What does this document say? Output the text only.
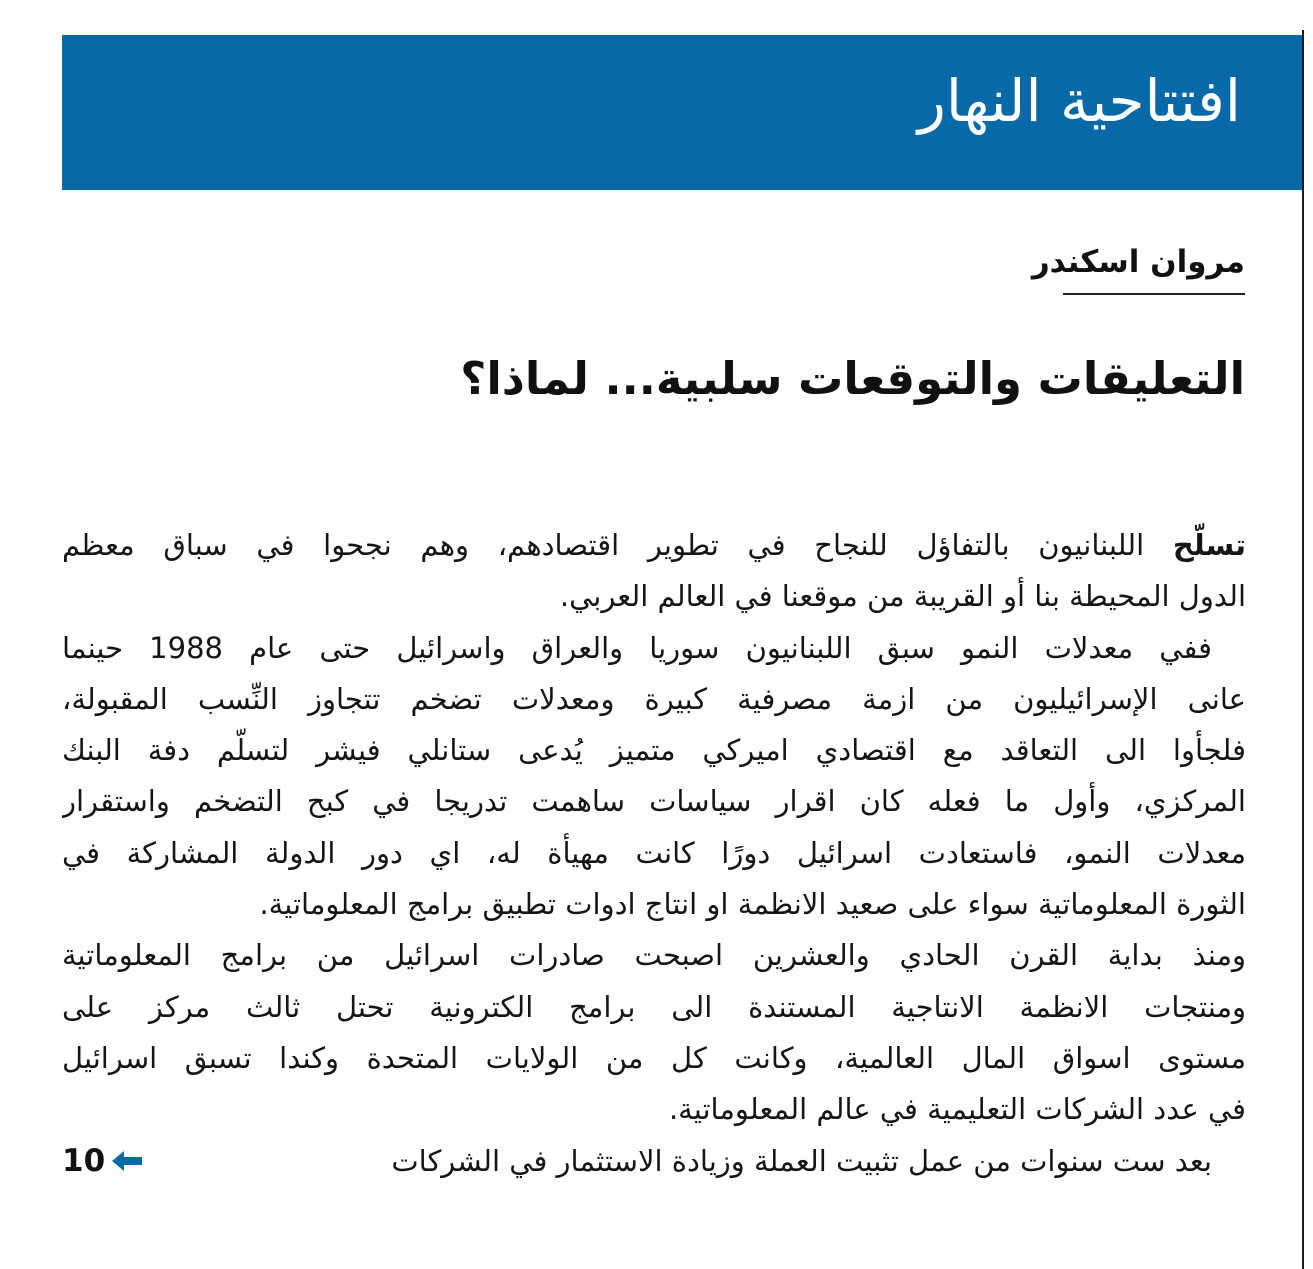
افتتاحية النهار
مروان اسكندر
التعليقات والتوقعات سلبية... لماذا؟
تسلّح اللبنانيون بالتفاؤل للنجاح في تطوير اقتصادهم، وهم نجحوا في سباق معظم
الدول المحيطة بنا أو القريبة من موقعنا في العالم العربي.
ففي معدلات النمو سبق اللبنانيون سوريا والعراق واسرائيل حتى عام 1988 حينما
عانى الإسرائيليون من ازمة مصرفية كبيرة ومعدلات تضخم تتجاوز النِّسب المقبولة،
فلجأوا الى التعاقد مع اقتصادي اميركي متميز يُدعى ستانلي فيشر لتسلّم دفة البنك
المركزي، وأول ما فعله كان اقرار سياسات ساهمت تدريجا في كبح التضخم واستقرار
معدلات النمو، فاستعادت اسرائيل دورًا كانت مهيأة له، اي دور الدولة المشاركة في
الثورة المعلوماتية سواء على صعيد الانظمة او انتاج ادوات تطبيق برامج المعلوماتية.
ومنذ بداية القرن الحادي والعشرين اصبحت صادرات اسرائيل من برامج المعلوماتية
ومنتجات الانظمة الانتاجية المستندة الى برامج الكترونية تحتل ثالث مركز على
مستوى اسواق المال العالمية، وكانت كل من الولايات المتحدة وكندا تسبق اسرائيل
في عدد الشركات التعليمية في عالم المعلوماتية.
بعد ست سنوات من عمل تثبيت العملة وزيادة الاستثمار في الشركات
10
